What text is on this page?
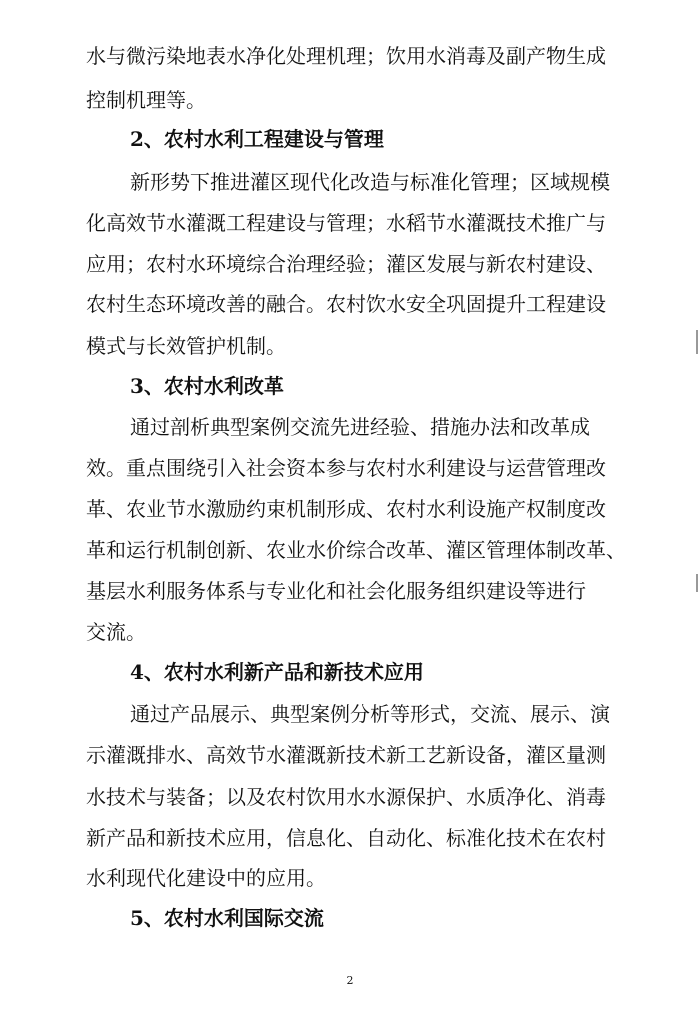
水与微污染地表水净化处理机理；饮用水消毒及副产物生成
控制机理等。
2、农村水利工程建设与管理
新形势下推进灌区现代化改造与标准化管理；区域规模
化高效节水灌溉工程建设与管理；水稻节水灌溉技术推广与
应用；农村水环境综合治理经验；灌区发展与新农村建设、
农村生态环境改善的融合。农村饮水安全巩固提升工程建设
模式与长效管护机制。
3、农村水利改革
通过剖析典型案例交流先进经验、措施办法和改革成
效。重点围绕引入社会资本参与农村水利建设与运营管理改
革、农业节水激励约束机制形成、农村水利设施产权制度改
革和运行机制创新、农业水价综合改革、灌区管理体制改革、
基层水利服务体系与专业化和社会化服务组织建设等进行
交流。
4、农村水利新产品和新技术应用
通过产品展示、典型案例分析等形式，交流、展示、演
示灌溉排水、高效节水灌溉新技术新工艺新设备，灌区量测
水技术与装备；以及农村饮用水水源保护、水质净化、消毒
新产品和新技术应用，信息化、自动化、标准化技术在农村
水利现代化建设中的应用。
5、农村水利国际交流
2
